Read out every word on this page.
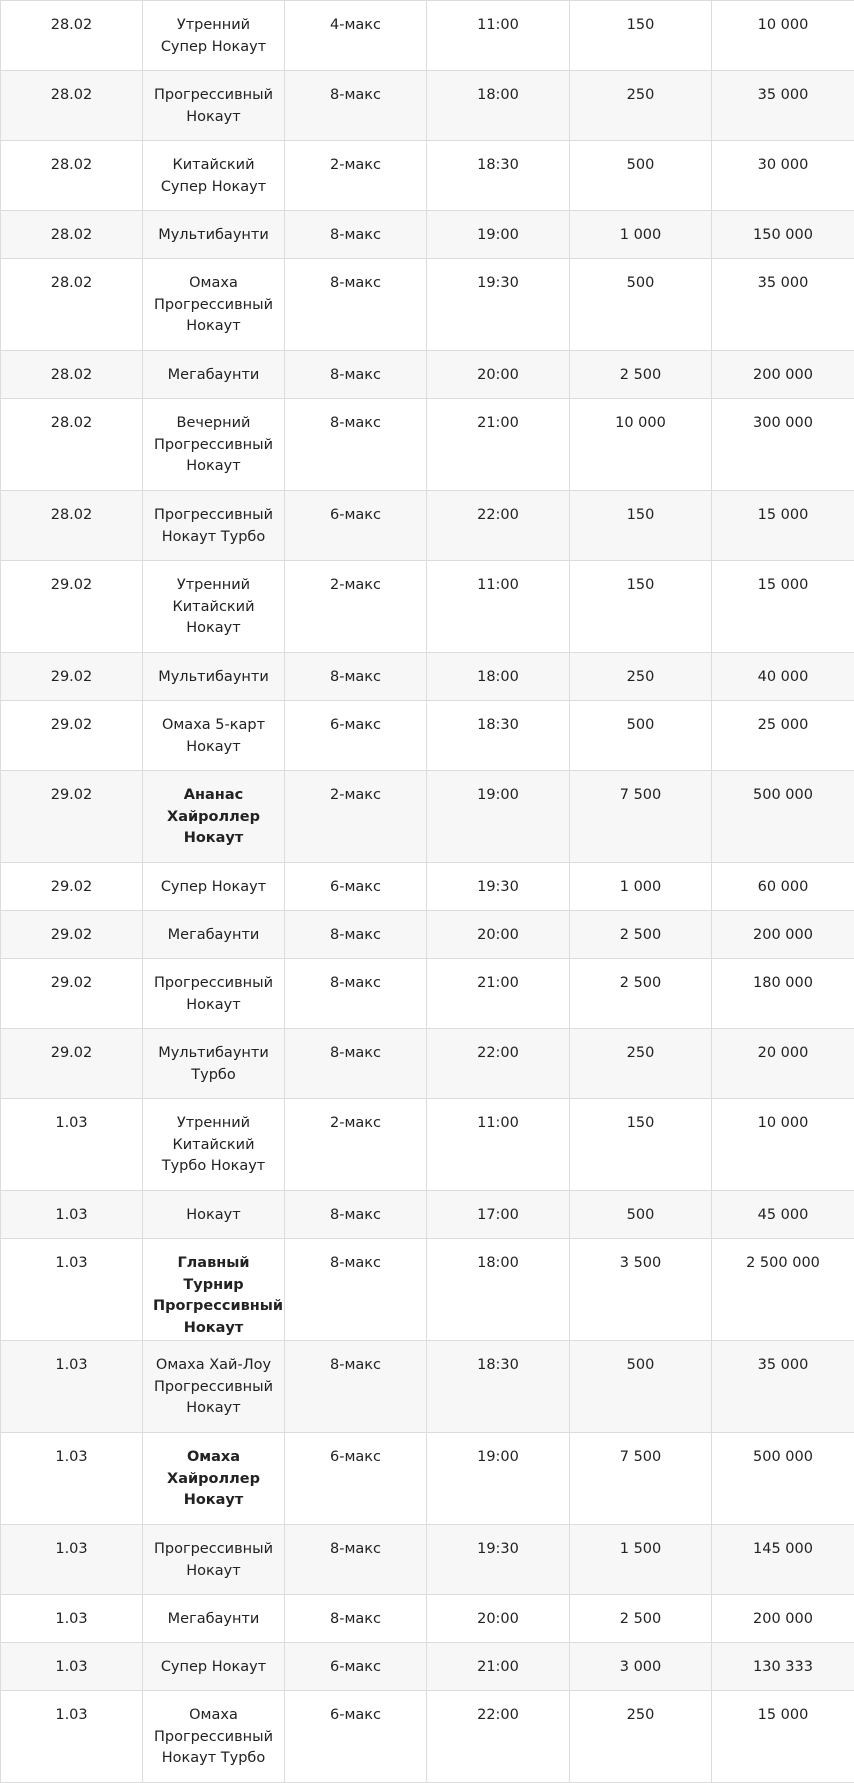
28.02	Утренний Супер Нокаут	4-макс	11:00	150	10 000
28.02	Прогрессивный Нокаут	8-макс	18:00	250	35 000
28.02	Китайский Супер Нокаут	2-макс	18:30	500	30 000
28.02	Мультибаунти	8-макс	19:00	1 000	150 000
28.02	Омаха Прогрессивный Нокаут	8-макс	19:30	500	35 000
28.02	Мегабаунти	8-макс	20:00	2 500	200 000
28.02	Вечерний Прогрессивный Нокаут	8-макс	21:00	10 000	300 000
28.02	Прогрессивный Нокаут Турбо	6-макс	22:00	150	15 000
29.02	Утренний Китайский Нокаут	2-макс	11:00	150	15 000
29.02	Мультибаунти	8-макс	18:00	250	40 000
29.02	Омаха 5-карт Нокаут	6-макс	18:30	500	25 000
29.02	Ананас Хайроллер Нокаут	2-макс	19:00	7 500	500 000
29.02	Супер Нокаут	6-макс	19:30	1 000	60 000
29.02	Мегабаунти	8-макс	20:00	2 500	200 000
29.02	Прогрессивный Нокаут	8-макс	21:00	2 500	180 000
29.02	Мультибаунти Турбо	8-макс	22:00	250	20 000
1.03	Утренний Китайский Турбо Нокаут	2-макс	11:00	150	10 000
1.03	Нокаут	8-макс	17:00	500	45 000
1.03	Главный Турнир Прогрессивный Нокаут	8-макс	18:00	3 500	2 500 000
1.03	Омаха Хай-Лоу Прогрессивный Нокаут	8-макс	18:30	500	35 000
1.03	Омаха Хайроллер Нокаут	6-макс	19:00	7 500	500 000
1.03	Прогрессивный Нокаут	8-макс	19:30	1 500	145 000
1.03	Мегабаунти	8-макс	20:00	2 500	200 000
1.03	Супер Нокаут	6-макс	21:00	3 000	130 333
1.03	Омаха Прогрессивный Нокаут Турбо	6-макс	22:00	250	15 000
